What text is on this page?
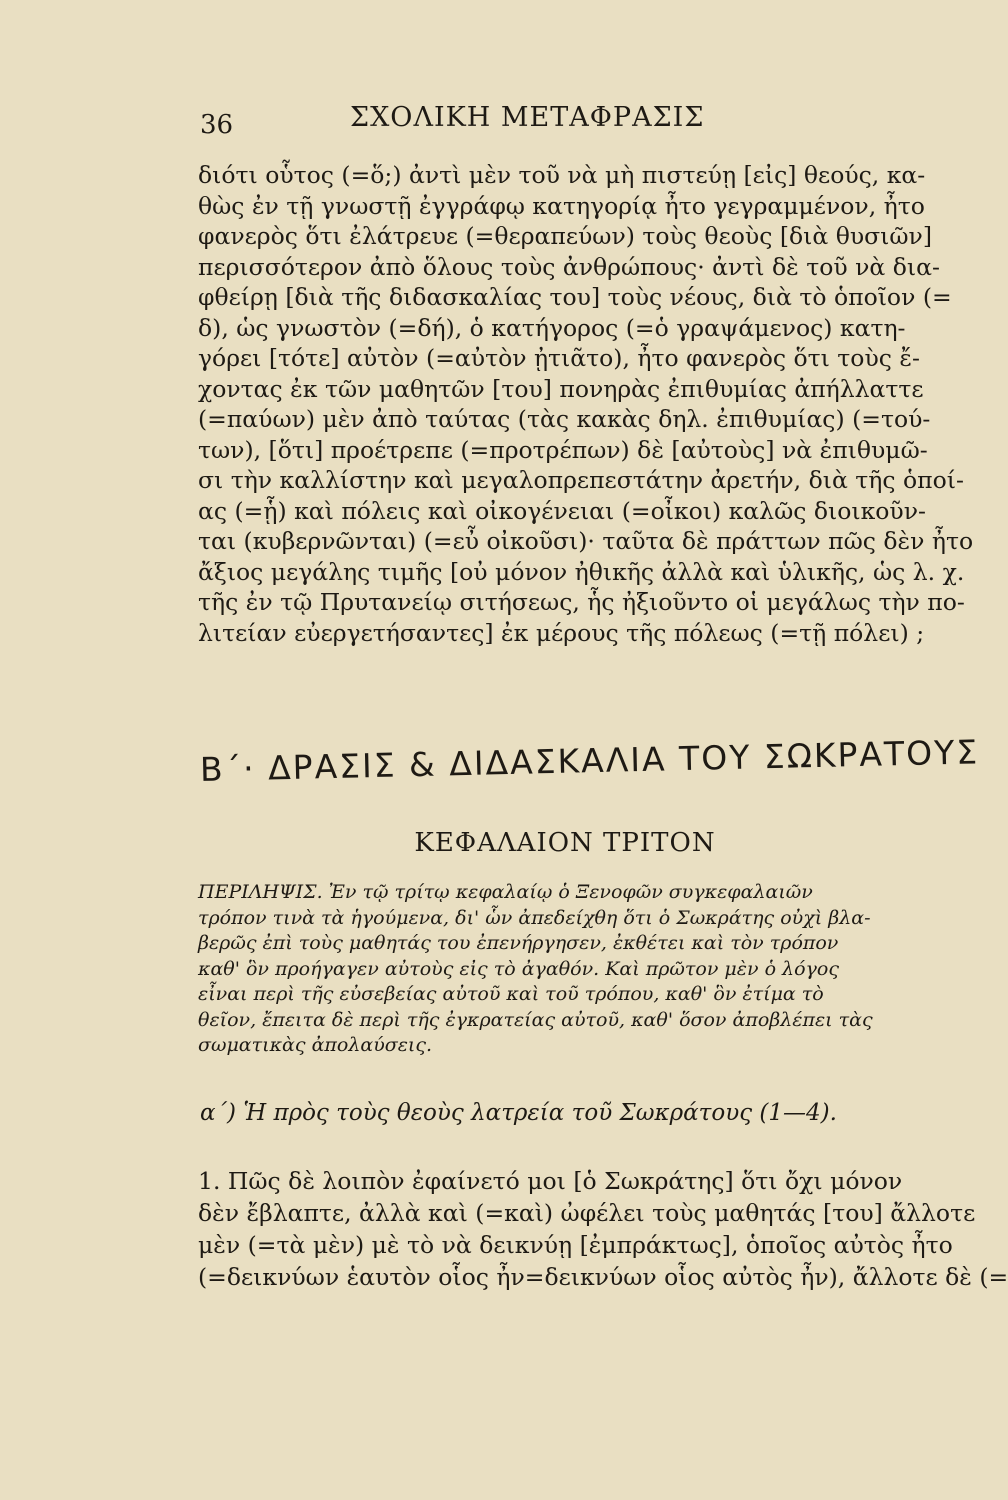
36	ΣΧΟΛΙΚΗ ΜΕΤΑΦΡΑΣΙΣ
διότι οὗτος (=ὅ;) ἀντὶ μὲν τοῦ νὰ μὴ πιστεύῃ [εἰς] θεούς, κα-
θὼς ἐν τῇ γνωστῇ ἐγγράφῳ κατηγορίᾳ ἦτο γεγραμμένον, ἦτο
φανερὸς ὅτι ἐλάτρευε (=θεραπεύων) τοὺς θεοὺς [διὰ θυσιῶν]
περισσότερον ἀπὸ ὅλους τοὺς ἀνθρώπους· ἀντὶ δὲ τοῦ νὰ δια-
φθείρῃ [διὰ τῆς διδασκαλίας του] τοὺς νέους, διὰ τὸ ὁποῖον (=
δ), ὡς γνωστὸν (=δή), ὁ κατήγορος (=ὁ γραψάμενος) κατη-
γόρει [τότε] αὐτὸν (=αὐτὸν ᾐτιᾶτο), ἦτο φανερὸς ὅτι τοὺς ἔ-
χοντας ἐκ τῶν μαθητῶν [του] πονηρὰς ἐπιθυμίας ἀπήλλαττε
(=παύων) μὲν ἀπὸ ταύτας (τὰς κακὰς δηλ. ἐπιθυμίας) (=τού-
των), [ὅτι] προέτρεπε (=προτρέπων) δὲ [αὐτοὺς] νὰ ἐπιθυμῶ-
σι τὴν καλλίστην καὶ μεγαλοπρεπεστάτην ἀρετήν, διὰ τῆς ὁποί-
ας (=ᾗ) καὶ πόλεις καὶ οἰκογένειαι (=οἶκοι) καλῶς διοικοῦν-
ται (κυβερνῶνται) (=εὖ οἰκοῦσι)· ταῦτα δὲ πράττων πῶς δὲν ἦτο
ἄξιος μεγάλης τιμῆς [οὐ μόνον ἠθικῆς ἀλλὰ καὶ ὑλικῆς, ὡς λ. χ.
τῆς ἐν τῷ Πρυτανείῳ σιτήσεως, ἧς ἠξιοῦντο οἱ μεγάλως τὴν πο-
λιτείαν εὐεργετήσαντες] ἐκ μέρους τῆς πόλεως (=τῇ πόλει) ;
Β΄· ΔΡΑΣΙΣ & ΔΙΔΑΣΚΑΛΙΑ ΤΟΥ ΣΩΚΡΑΤΟΥΣ
ΚΕΦΑΛΑΙΟΝ ΤΡΙΤΟΝ
ΠΕΡΙΛΗΨΙΣ. Ἐν τῷ τρίτῳ κεφαλαίῳ ὁ Ξενοφῶν συγκεφαλαιῶν
τρόπον τινὰ τὰ ἡγούμενα, δι' ὧν ἀπεδείχθη ὅτι ὁ Σωκράτης οὐχὶ βλα-
βερῶς ἐπὶ τοὺς μαθητάς του ἐπενήργησεν, ἐκθέτει καὶ τὸν τρόπον
καθ' ὃν προήγαγεν αὐτοὺς εἰς τὸ ἀγαθόν. Καὶ πρῶτον μὲν ὁ λόγος
εἶναι περὶ τῆς εὐσεβείας αὐτοῦ καὶ τοῦ τρόπου, καθ' ὃν ἐτίμα τὸ
θεῖον, ἔπειτα δὲ περὶ τῆς ἐγκρατείας αὐτοῦ, καθ' ὅσον ἀποβλέπει τὰς
σωματικὰς ἀπολαύσεις.
α΄) Ἡ πρὸς τοὺς θεοὺς λατρεία τοῦ Σωκράτους (1—4).
1. Πῶς δὲ λοιπὸν ἐφαίνετό μοι [ὁ Σωκράτης] ὅτι ὄχι μόνον
δὲν ἔβλαπτε, ἀλλὰ καὶ (=καὶ) ὠφέλει τοὺς μαθητάς [του] ἄλλοτε
μὲν (=τὰ μὲν) μὲ τὸ νὰ δεικνύῃ [ἐμπράκτως], ὁποῖος αὐτὸς ἦτο
(=δεικνύων ἑαυτὸν οἷος ἦν=δεικνύων οἷος αὐτὸς ἦν), ἄλλοτε δὲ (=
